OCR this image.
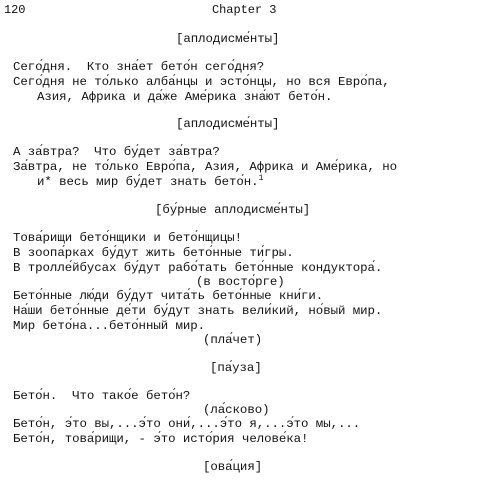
120	Chapter 3
[аплодисме́нты]
Сего́дня.  Кто зна́ет бето́н сего́дня?
Сего́дня не то́лько алба́нцы и эсто́нцы, но вся Евро́па,
Азия, Африка и да́же Аме́рика зна́ют бето́н.
[аплодисме́нты]
А за́втра?  Что бу́дет за́втра?
За́втра, не то́лько Евро́па, Азия, Африка и Аме́рика, но
и* весь мир бу́дет знать бето́н.$^1$
[бу́рные аплодисме́нты]
Това́рищи бето́нщики и бето́нщицы!
В зоопа́рках бу́дут жить бето́нные ти́гры.
В тролле́йбусах бу́дут рабо́тать бето́нные кондуктора́.
(в восто́рге)
Бето́нные лю́ди бу́дут чита́ть бето́нные кни́ги.
На́ши бето́нные де́ти бу́дут знать вели́кий, но́вый мир.
Мир бето́на...бето́нный мир.
(пла́чет)
[па́уза]
Бето́н.  Что тако́е бето́н?
(ла́сково)
Бето́н, э́то вы,...э́то они́,...э́то я,...э́то мы,...
Бето́н, това́рищи, - э́то исто́рия челове́ка!
[ова́ция]
